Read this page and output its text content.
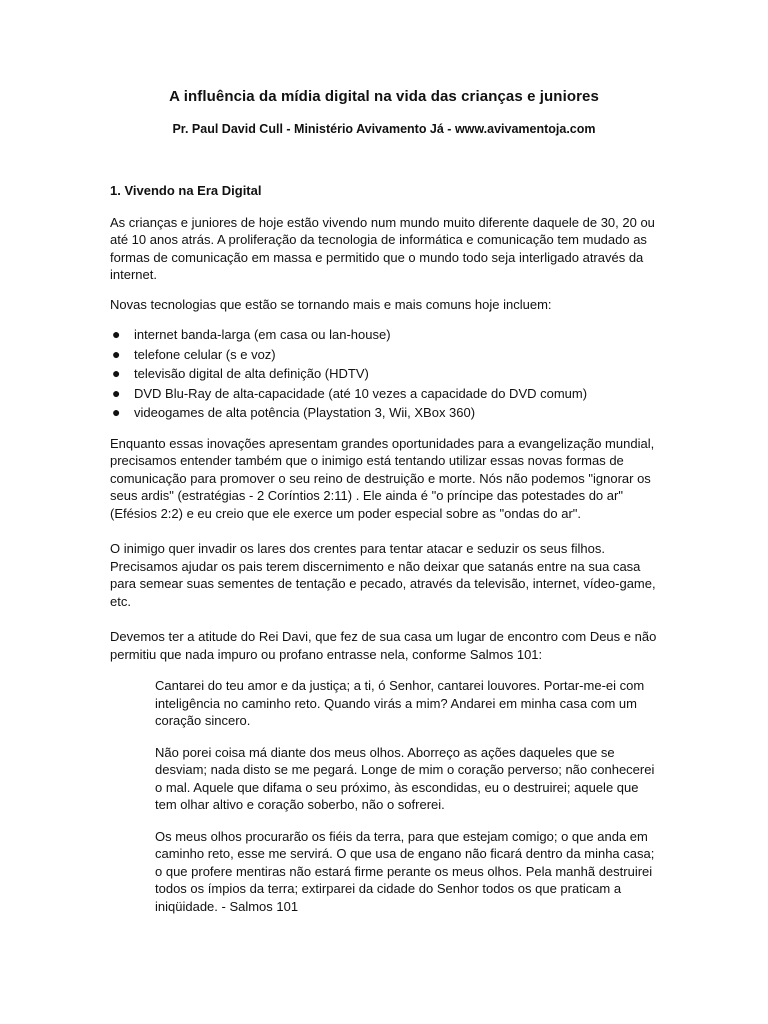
A influência da mídia digital na vida das crianças e juniores
Pr. Paul David Cull - Ministério Avivamento Já - www.avivamentoja.com
1. Vivendo na Era Digital

As crianças e juniores de hoje estão vivendo num mundo muito diferente daquele de 30, 20 ou até 10 anos atrás. A proliferação da tecnologia de informática e comunicação tem mudado as formas de comunicação em massa e permitido que o mundo todo seja interligado através da internet.

Novas tecnologias que estão se tornando mais e mais comuns hoje incluem:

● internet banda-larga (em casa ou lan-house)
● telefone celular (s e voz)
● televisão digital de alta definição (HDTV)
● DVD Blu-Ray de alta-capacidade (até 10 vezes a capacidade do DVD comum)
● videogames de alta potência (Playstation 3, Wii, XBox 360)

Enquanto essas inovações apresentam grandes oportunidades para a evangelização mundial, precisamos entender também que o inimigo está tentando utilizar essas novas formas de comunicação para promover o seu reino de destruição e morte. Nós não podemos "ignorar os seus ardis" (estratégias - 2 Coríntios 2:11) . Ele ainda é "o príncipe das potestades do ar" (Efésios 2:2) e eu creio que ele exerce um poder especial sobre as "ondas do ar".

O inimigo quer invadir os lares dos crentes para tentar atacar e seduzir os seus filhos. Precisamos ajudar os pais terem discernimento e não deixar que satanás entre na sua casa para semear suas sementes de tentação e pecado, através da televisão, internet, vídeo-game, etc.

Devemos ter a atitude do Rei Davi, que fez de sua casa um lugar de encontro com Deus e não permitiu que nada impuro ou profano entrasse nela, conforme Salmos 101:

Cantarei do teu amor e da justiça; a ti, ó Senhor, cantarei louvores. Portar-me-ei com inteligência no caminho reto. Quando virás a mim? Andarei em minha casa com um coração sincero.

Não porei coisa má diante dos meus olhos. Aborreço as ações daqueles que se desviam; nada disto se me pegará. Longe de mim o coração perverso; não conhecerei o mal. Aquele que difama o seu próximo, às escondidas, eu o destruirei; aquele que tem olhar altivo e coração soberbo, não o sofrerei.

Os meus olhos procurarão os fiéis da terra, para que estejam comigo; o que anda em caminho reto, esse me servirá. O que usa de engano não ficará dentro da minha casa; o que profere mentiras não estará firme perante os meus olhos. Pela manhã destruirei todos os ímpios da terra; extirparei da cidade do Senhor todos os que praticam a iniqüidade. - Salmos 101
